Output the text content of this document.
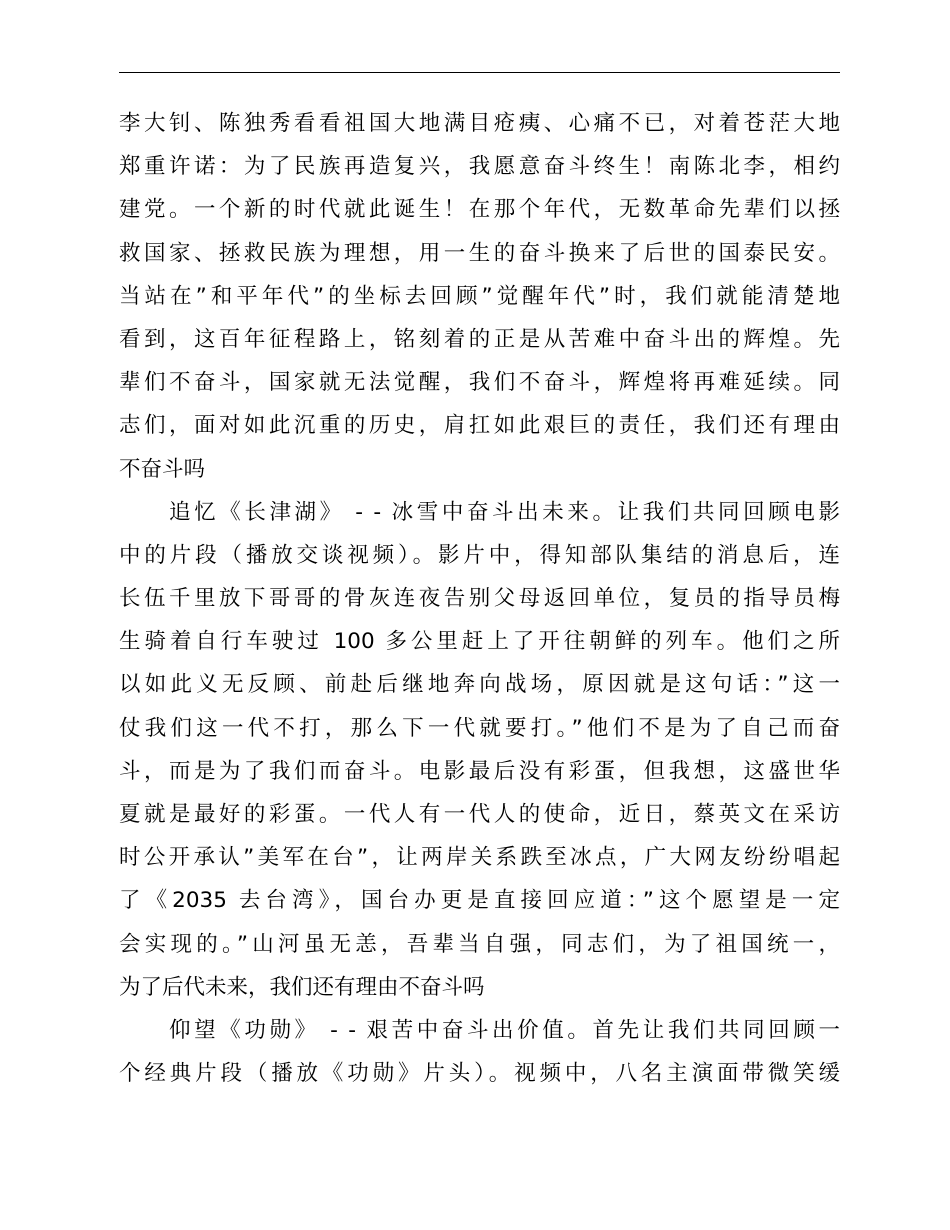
李大钊、陈独秀看看祖国大地满目疮痍、心痛不已，对着苍茫大地
郑重许诺：为了民族再造复兴，我愿意奋斗终生！南陈北李，相约
建党。一个新的时代就此诞生！在那个年代，无数革命先辈们以拯
救国家、拯救民族为理想，用一生的奋斗换来了后世的国泰民安。
当站在”和平年代”的坐标去回顾”觉醒年代”时，我们就能清楚地
看到，这百年征程路上，铭刻着的正是从苦难中奋斗出的辉煌。先
辈们不奋斗，国家就无法觉醒，我们不奋斗，辉煌将再难延续。同
志们，面对如此沉重的历史，肩扛如此艰巨的责任，我们还有理由
不奋斗吗
追忆《长津湖》 - - 冰雪中奋斗出未来。让我们共同回顾电影
中的片段（播放交谈视频）。影片中，得知部队集结的消息后，连
长伍千里放下哥哥的骨灰连夜告别父母返回单位，复员的指导员梅
生骑着自行车驶过 100 多公里赶上了开往朝鲜的列车。他们之所
以如此义无反顾、前赴后继地奔向战场，原因就是这句话：”这一
仗我们这一代不打，那么下一代就要打。”他们不是为了自己而奋
斗，而是为了我们而奋斗。电影最后没有彩蛋，但我想，这盛世华
夏就是最好的彩蛋。一代人有一代人的使命，近日，蔡英文在采访
时公开承认”美军在台”，让两岸关系跌至冰点，广大网友纷纷唱起
了《2035 去台湾》，国台办更是直接回应道：”这个愿望是一定
会实现的。”山河虽无恙，吾辈当自强，同志们，为了祖国统一，
为了后代未来，我们还有理由不奋斗吗
仰望《功勋》 - - 艰苦中奋斗出价值。首先让我们共同回顾一
个经典片段（播放《功勋》片头）。视频中，八名主演面带微笑缓
